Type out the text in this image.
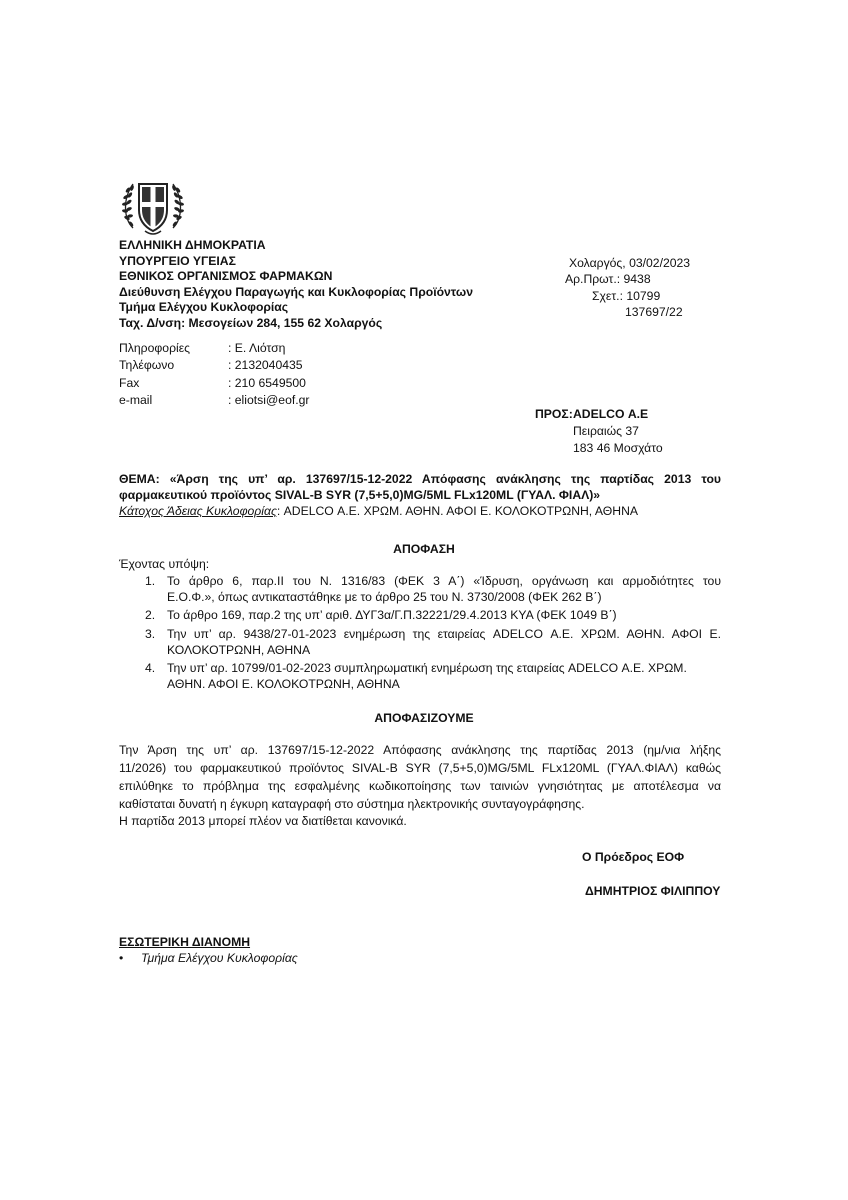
ΕΛΛΗΝΙΚΗ ΔΗΜΟΚΡΑΤΙΑ
ΥΠΟΥΡΓΕΙΟ ΥΓΕΙΑΣ
ΕΘΝΙΚΟΣ ΟΡΓΑΝΙΣΜΟΣ ΦΑΡΜΑΚΩΝ
Διεύθυνση Ελέγχου Παραγωγής και Κυκλοφορίας Προϊόντων
Τμήμα Ελέγχου Κυκλοφορίας
Ταχ. Δ/νση: Μεσογείων 284, 155 62 Χολαργός
Πληροφορίες	: Ε. Λιότση
Τηλέφωνο	: 2132040435
Fax	: 210 6549500
e-mail	: eliotsi@eof.gr
Χολαργός, 03/02/2023
Αρ.Πρωτ.: 9438
Σχετ.: 10799
137697/22
ΠΡΟΣ: ADELCO Α.Ε
Πειραιώς 37
183 46 Μοσχάτο
ΘΕΜΑ: «Άρση της υπ’ αρ. 137697/15-12-2022 Απόφασης ανάκλησης της παρτίδας 2013 του
φαρμακευτικού προϊόντος SIVAL-B SYR (7,5+5,0)MG/5ML FLx120ML (ΓΥΑΛ. ΦΙΑΛ)»
Κάτοχος Άδειας Κυκλοφορίας: ADELCO Α.Ε. ΧΡΩΜ. ΑΘΗΝ. ΑΦΟΙ Ε. ΚΟΛΟΚΟΤΡΩΝΗ, ΑΘΗΝΑ
ΑΠΟΦΑΣΗ
Έχοντας υπόψη:
1. Το άρθρο 6, παρ.ΙΙ του Ν. 1316/83 (ΦΕΚ 3 Α΄) «Ίδρυση, οργάνωση και αρμοδιότητες του
Ε.Ο.Φ.», όπως αντικαταστάθηκε με το άρθρο 25 του Ν. 3730/2008 (ΦΕΚ 262 Β΄)
2. Το άρθρο 169, παρ.2 της υπ’ αριθ. ΔΥΓ3α/Γ.Π.32221/29.4.2013 ΚΥΑ (ΦΕΚ 1049 Β΄)
3. Την υπ’ αρ. 9438/27-01-2023 ενημέρωση της εταιρείας ADELCO Α.Ε. ΧΡΩΜ. ΑΘΗΝ. ΑΦΟΙ Ε.
ΚΟΛΟΚΟΤΡΩΝΗ, ΑΘΗΝΑ
4. Την υπ’ αρ. 10799/01-02-2023 συμπληρωματική ενημέρωση της εταιρείας ADELCO Α.Ε. ΧΡΩΜ.
ΑΘΗΝ. ΑΦΟΙ Ε. ΚΟΛΟΚΟΤΡΩΝΗ, ΑΘΗΝΑ
ΑΠΟΦΑΣΙΖΟΥΜΕ
Την Άρση της υπ’ αρ. 137697/15-12-2022 Απόφασης ανάκλησης της παρτίδας 2013 (ημ/νια λήξης
11/2026) του φαρμακευτικού προϊόντος SIVAL-B SYR (7,5+5,0)MG/5ML FLx120ML (ΓΥΑΛ.ΦΙΑΛ) καθώς
επιλύθηκε το πρόβλημα της εσφαλμένης κωδικοποίησης των ταινιών γνησιότητας με αποτέλεσμα να
καθίσταται δυνατή η έγκυρη καταγραφή στο σύστημα ηλεκτρονικής συνταγογράφησης.
Η παρτίδα 2013 μπορεί πλέον να διατίθεται κανονικά.
Ο Πρόεδρος ΕΟΦ
ΔΗΜΗΤΡΙΟΣ ΦΙΛΙΠΠΟΥ
ΕΣΩΤΕΡΙΚΗ ΔΙΑΝΟΜΗ
• Τμήμα Ελέγχου Κυκλοφορίας
